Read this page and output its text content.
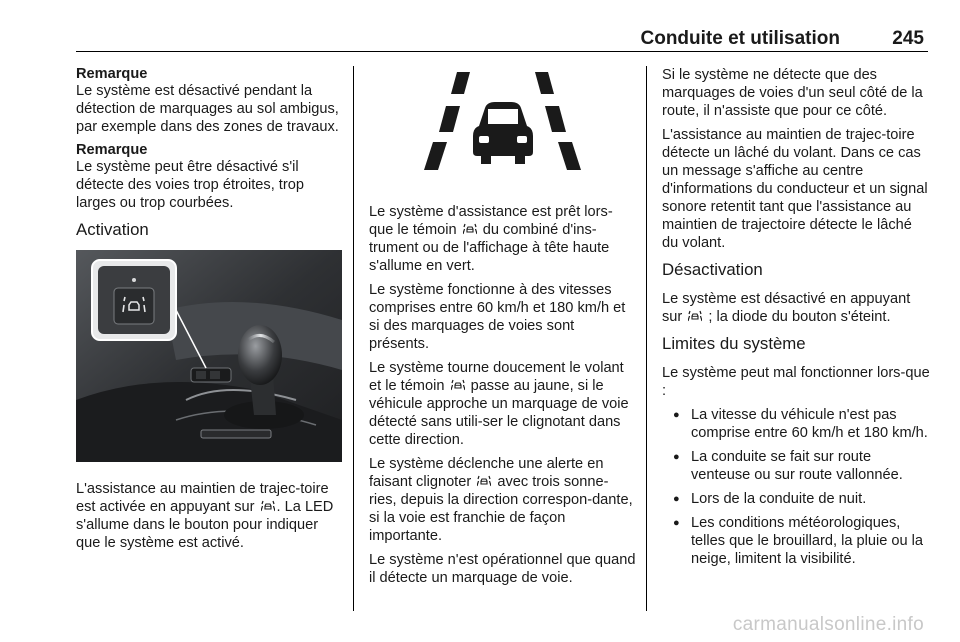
Conduite et utilisation	245
Remarque
Le système est désactivé pendant la détection de marquages au sol ambigus, par exemple dans des zones de travaux.
Remarque
Le système peut être désactivé s'il détecte des voies trop étroites, trop larges ou trop courbées.
Activation

L'assistance au maintien de trajec-toire est activée en appuyant sur . La LED s'allume dans le bouton pour indiquer que le système est activé.

Le système d'assistance est prêt lors-que le témoin du combiné d'ins-trument ou de l'affichage à tête haute s'allume en vert.

Le système fonctionne à des vitesses comprises entre 60 km/h et 180 km/h et si des marquages de voies sont présents.

Le système tourne doucement le volant et le témoin passe au jaune, si le véhicule approche un marquage de voie détecté sans utili-ser le clignotant dans cette direction.

Le système déclenche une alerte en faisant clignoter avec trois sonne-ries, depuis la direction correspon-dante, si la voie est franchie de façon importante.

Le système n'est opérationnel que quand il détecte un marquage de voie.

Si le système ne détecte que des marquages de voies d'un seul côté de la route, il n'assiste que pour ce côté.

L'assistance au maintien de trajec-toire détecte un lâché du volant. Dans ce cas un message s'affiche au centre d'informations du conducteur et un signal sonore retentit tant que l'assistance au maintien de trajectoire détecte le lâché du volant.

Désactivation

Le système est désactivé en appuyant sur ; la diode du bouton s'éteint.

Limites du système

Le système peut mal fonctionner lors-que :

● La vitesse du véhicule n'est pas comprise entre 60 km/h et 180 km/h.
● La conduite se fait sur route venteuse ou sur route vallonnée.
● Lors de la conduite de nuit.
● Les conditions météorologiques, telles que le brouillard, la pluie ou la neige, limitent la visibilité.
carmanualsonline.info
